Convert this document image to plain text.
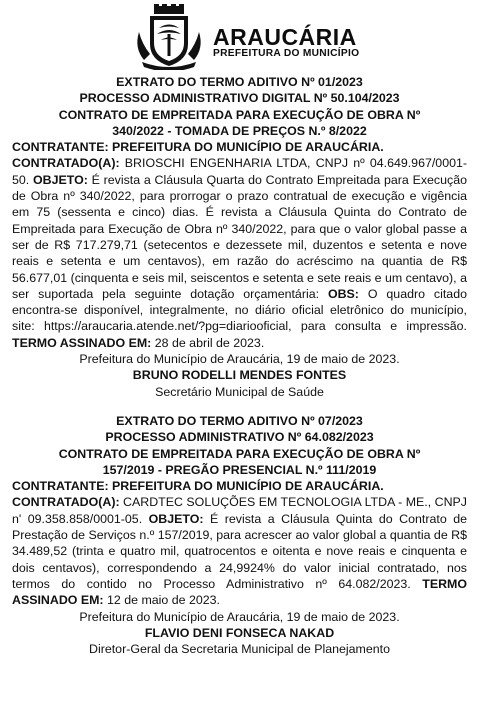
ARAUCÁRIA
PREFEITURA DO MUNICÍPIO
EXTRATO DO TERMO ADITIVO Nº 01/2023
PROCESSO ADMINISTRATIVO DIGITAL Nº 50.104/2023
CONTRATO DE EMPREITADA PARA EXECUÇÃO DE OBRA Nº
340/2022 - TOMADA DE PREÇOS N.º 8/2022
CONTRATANTE: PREFEITURA DO MUNICÍPIO DE ARAUCÁRIA.
CONTRATADO(A): BRIOSCHI ENGENHARIA LTDA, CNPJ nº 04.649.967/0001-50. OBJETO: É revista a Cláusula Quarta do Contrato Empreitada para Execução de Obra nº 340/2022, para prorrogar o prazo contratual de execução e vigência em 75 (sessenta e cinco) dias. É revista a Cláusula Quinta do Contrato de Empreitada para Execução de Obra nº 340/2022, para que o valor global passe a ser de R$ 717.279,71 (setecentos e dezessete mil, duzentos e setenta e nove reais e setenta e um centavos), em razão do acréscimo na quantia de R$ 56.677,01 (cinquenta e seis mil, seiscentos e setenta e sete reais e um centavo), a ser suportada pela seguinte dotação orçamentária: OBS: O quadro citado encontra-se disponível, integralmente, no diário oficial eletrônico do município, site: https://araucaria.atende.net/?pg=diariooficial, para consulta e impressão. TERMO ASSINADO EM: 28 de abril de 2023.
Prefeitura do Município de Araucária, 19 de maio de 2023.
BRUNO RODELLI MENDES FONTES
Secretário Municipal de Saúde
EXTRATO DO TERMO ADITIVO Nº 07/2023
PROCESSO ADMINISTRATIVO Nº 64.082/2023
CONTRATO DE EMPREITADA PARA EXECUÇÃO DE OBRA Nº
157/2019 - PREGÃO PRESENCIAL N.º 111/2019
CONTRATANTE: PREFEITURA DO MUNICÍPIO DE ARAUCÁRIA.
CONTRATADO(A): CARDTEC SOLUÇÕES EM TECNOLOGIA LTDA - ME., CNPJ n' 09.358.858/0001-05. OBJETO: É revista a Cláusula Quinta do Contrato de Prestação de Serviços n.º 157/2019, para acrescer ao valor global a quantia de R$ 34.489,52 (trinta e quatro mil, quatrocentos e oitenta e nove reais e cinquenta e dois centavos), correspondendo a 24,9924% do valor inicial contratado, nos termos do contido no Processo Administrativo nº 64.082/2023. TERMO ASSINADO EM: 12 de maio de 2023.
Prefeitura do Município de Araucária, 19 de maio de 2023.
FLAVIO DENI FONSECA NAKAD
Diretor-Geral da Secretaria Municipal de Planejamento
